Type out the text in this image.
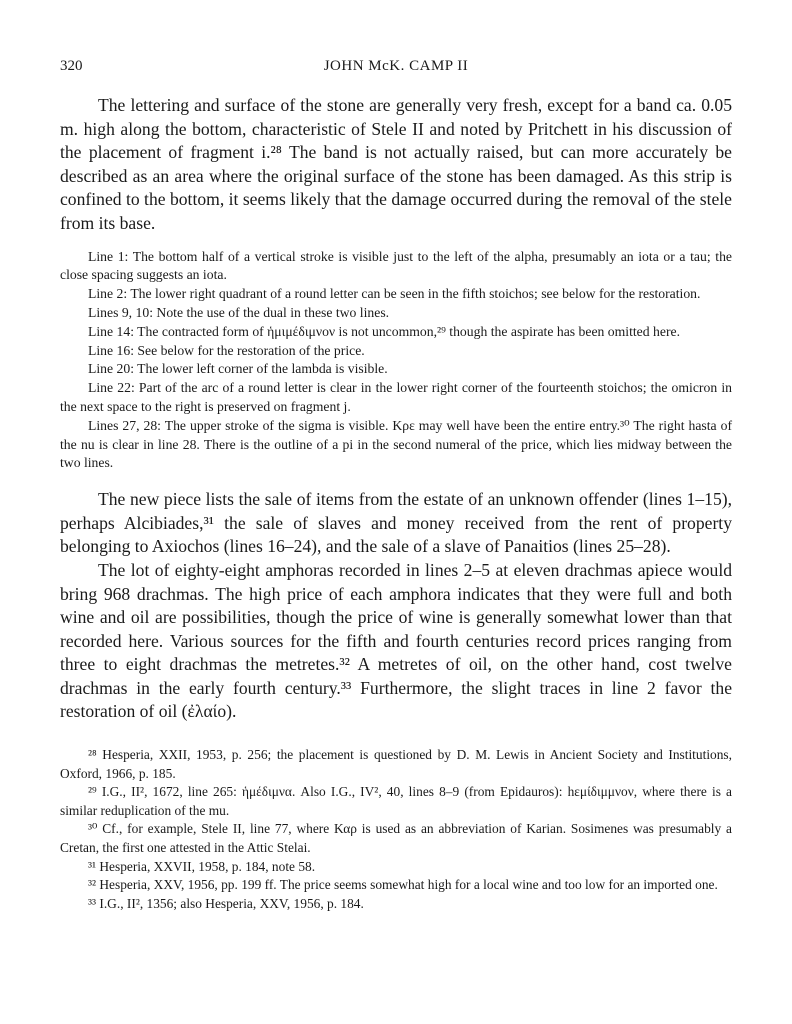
320	JOHN McK. CAMP II

The lettering and surface of the stone are generally very fresh, except for a band ca. 0.05 m. high along the bottom, characteristic of Stele II and noted by Pritchett in his discussion of the placement of fragment i.²⁸ The band is not actually raised, but can more accurately be described as an area where the original surface of the stone has been damaged. As this strip is confined to the bottom, it seems likely that the damage occurred during the removal of the stele from its base.

Line 1: The bottom half of a vertical stroke is visible just to the left of the alpha, presumably an iota or a tau; the close spacing suggests an iota.

Line 2: The lower right quadrant of a round letter can be seen in the fifth stoichos; see below for the restoration.

Lines 9, 10: Note the use of the dual in these two lines.

Line 14: The contracted form of ἡμιμέδιμνον is not uncommon,²⁹ though the aspirate has been omitted here.

Line 16: See below for the restoration of the price.

Line 20: The lower left corner of the lambda is visible.

Line 22: Part of the arc of a round letter is clear in the lower right corner of the fourteenth stoichos; the omicron in the next space to the right is preserved on fragment j.

Lines 27, 28: The upper stroke of the sigma is visible. Κρε may well have been the entire entry.³⁰ The right hasta of the nu is clear in line 28. There is the outline of a pi in the second numeral of the price, which lies midway between the two lines.

The new piece lists the sale of items from the estate of an unknown offender (lines 1–15), perhaps Alcibiades,³¹ the sale of slaves and money received from the rent of property belonging to Axiochos (lines 16–24), and the sale of a slave of Panaitios (lines 25–28).

The lot of eighty-eight amphoras recorded in lines 2–5 at eleven drachmas apiece would bring 968 drachmas. The high price of each amphora indicates that they were full and both wine and oil are possibilities, though the price of wine is generally somewhat lower than that recorded here. Various sources for the fifth and fourth centuries record prices ranging from three to eight drachmas the metretes.³² A metretes of oil, on the other hand, cost twelve drachmas in the early fourth century.³³ Furthermore, the slight traces in line 2 favor the restoration of oil (ἐλαίο).

²⁸ Hesperia, XXII, 1953, p. 256; the placement is questioned by D. M. Lewis in Ancient Society and Institutions, Oxford, 1966, p. 185.

²⁹ I.G., II², 1672, line 265: ἡμέδιμνα. Also I.G., IV², 40, lines 8–9 (from Epidauros): hεμίδιμμνον, where there is a similar reduplication of the mu.

³⁰ Cf., for example, Stele II, line 77, where Καρ is used as an abbreviation of Karian. Sosimenes was presumably a Cretan, the first one attested in the Attic Stelai.

³¹ Hesperia, XXVII, 1958, p. 184, note 58.

³² Hesperia, XXV, 1956, pp. 199 ff. The price seems somewhat high for a local wine and too low for an imported one.

³³ I.G., II², 1356; also Hesperia, XXV, 1956, p. 184.
